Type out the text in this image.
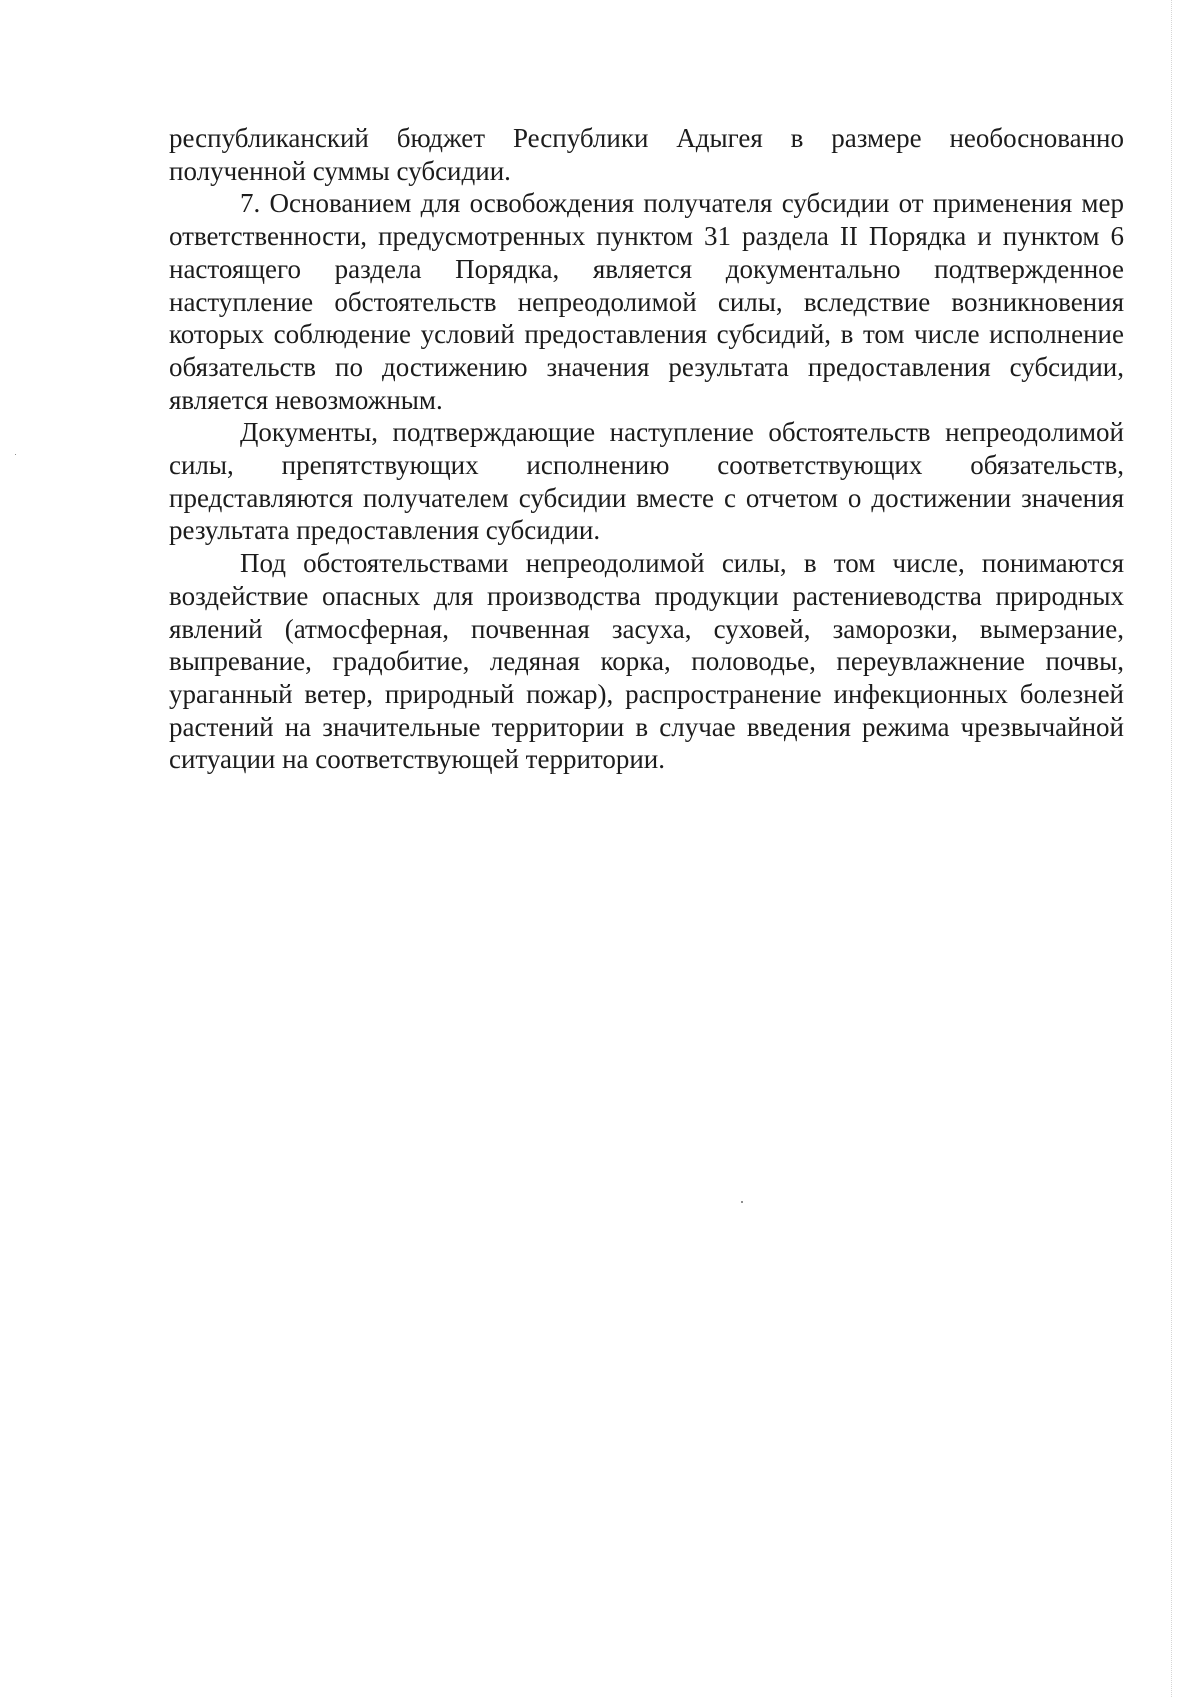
республиканский бюджет Республики Адыгея в размере необоснованно полученной суммы субсидии.

7. Основанием для освобождения получателя субсидии от применения мер ответственности, предусмотренных пунктом 31 раздела II Порядка и пунктом 6 настоящего раздела Порядка, является документально подтвержденное наступление обстоятельств непреодолимой силы, вследствие возникновения которых соблюдение условий предоставления субсидий, в том числе исполнение обязательств по достижению значения результата предоставления субсидии, является невозможным.

Документы, подтверждающие наступление обстоятельств непреодолимой силы, препятствующих исполнению соответствующих обязательств, представляются получателем субсидии вместе с отчетом о достижении значения результата предоставления субсидии.

Под обстоятельствами непреодолимой силы, в том числе, понимаются воздействие опасных для производства продукции растениеводства природных явлений (атмосферная, почвенная засуха, суховей, заморозки, вымерзание, выпревание, градобитие, ледяная корка, половодье, переувлажнение почвы, ураганный ветер, природный пожар), распространение инфекционных болезней растений на значительные территории в случае введения режима чрезвычайной ситуации на соответствующей территории.
